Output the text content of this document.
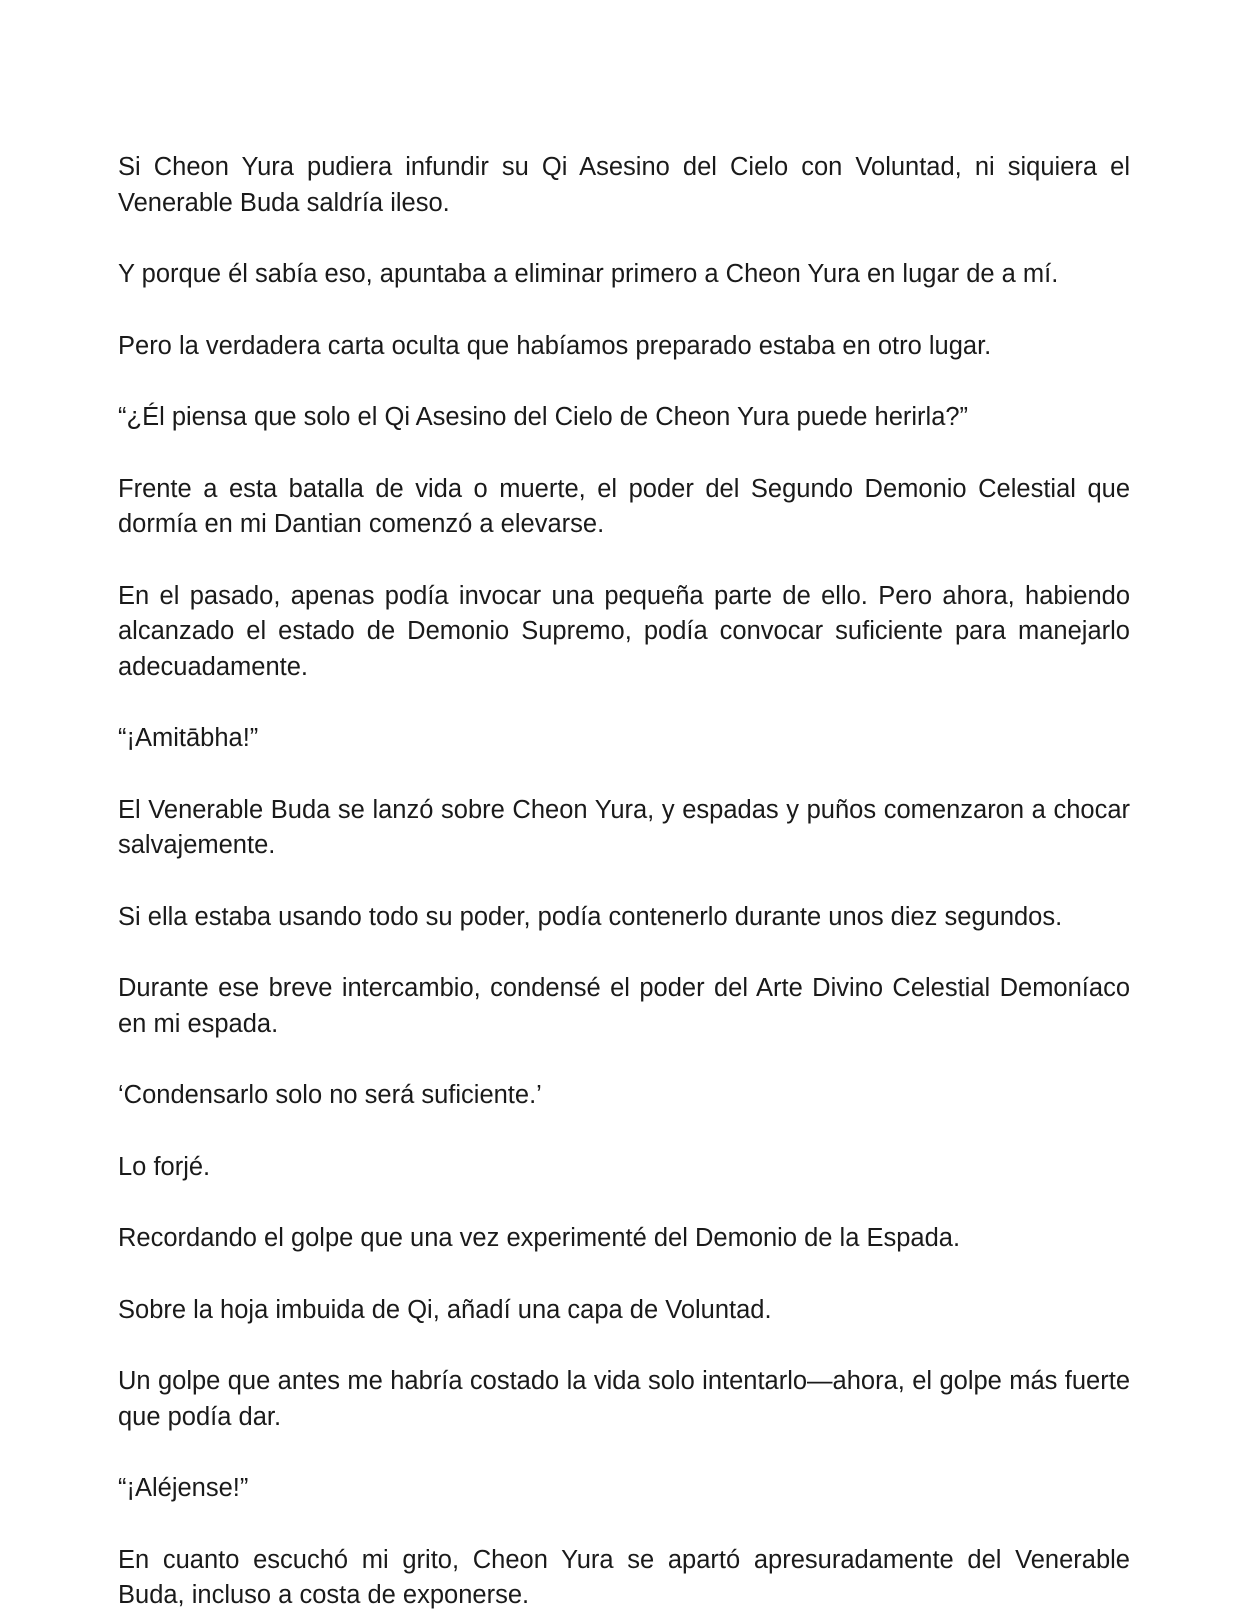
Si Cheon Yura pudiera infundir su Qi Asesino del Cielo con Voluntad, ni siquiera el Venerable Buda saldría ileso.

Y porque él sabía eso, apuntaba a eliminar primero a Cheon Yura en lugar de a mí.

Pero la verdadera carta oculta que habíamos preparado estaba en otro lugar.

“¿Él piensa que solo el Qi Asesino del Cielo de Cheon Yura puede herirla?”

Frente a esta batalla de vida o muerte, el poder del Segundo Demonio Celestial que dormía en mi Dantian comenzó a elevarse.

En el pasado, apenas podía invocar una pequeña parte de ello. Pero ahora, habiendo alcanzado el estado de Demonio Supremo, podía convocar suficiente para manejarlo adecuadamente.

“¡Amitābha!”

El Venerable Buda se lanzó sobre Cheon Yura, y espadas y puños comenzaron a chocar salvajemente.

Si ella estaba usando todo su poder, podía contenerlo durante unos diez segundos.

Durante ese breve intercambio, condensé el poder del Arte Divino Celestial Demoníaco en mi espada.

‘Condensarlo solo no será suficiente.’

Lo forjé.

Recordando el golpe que una vez experimenté del Demonio de la Espada.

Sobre la hoja imbuida de Qi, añadí una capa de Voluntad.

Un golpe que antes me habría costado la vida solo intentarlo—ahora, el golpe más fuerte que podía dar.

“¡Aléjense!”

En cuanto escuchó mi grito, Cheon Yura se apartó apresuradamente del Venerable Buda, incluso a costa de exponerse.
